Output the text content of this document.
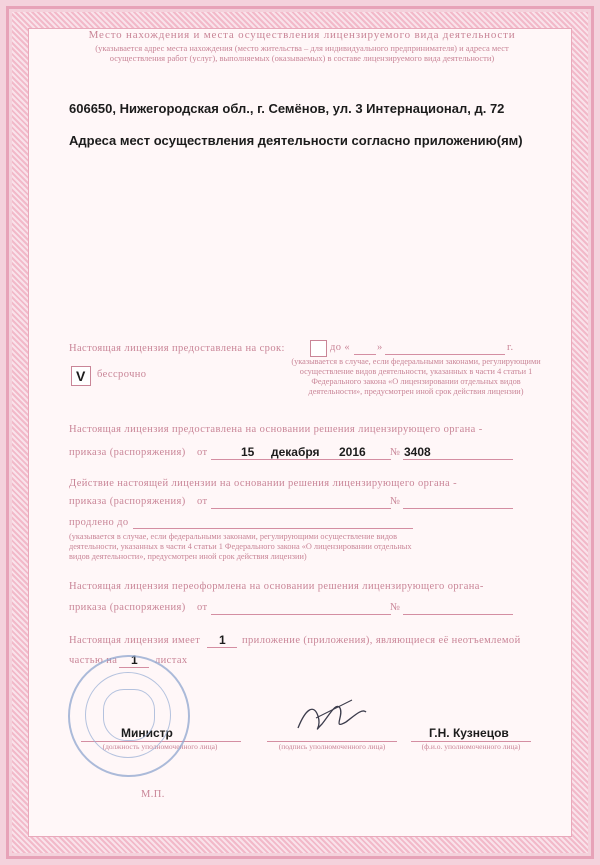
Место нахождения и места осуществления лицензируемого вида деятельности
(указывается адрес места нахождения (место жительства – для индивидуального предпринимателя) и адреса мест осуществления работ (услуг), выполняемых (оказываемых) в составе лицензируемого вида деятельности)
606650, Нижегородская обл., г. Семёнов, ул. 3 Интернационал, д. 72
Адреса мест осуществления деятельности согласно приложению(ям)
Настоящая лицензия предоставлена на срок:
V бессрочно
до «	»	г.
(указывается в случае, если федеральными законами, регулирующими осуществление видов деятельности, указанных в части 4 статьи 1 Федерального закона «О лицензировании отдельных видов деятельности», предусмотрен иной срок действия лицензии)
Настоящая лицензия предоставлена на основании решения лицензирующего органа -
приказа (распоряжения) от	15 декабря 2016 № 3408
Действие настоящей лицензии на основании решения лицензирующего органа -
приказа (распоряжения) от	№
продлено до
(указывается в случае, если федеральными законами, регулирующими осуществление видов деятельности, указанных в части 4 статьи 1 Федерального закона «О лицензировании отдельных видов деятельности», предусмотрен иной срок действия лицензии)
Настоящая лицензия переоформлена на основании решения лицензирующего органа-
приказа (распоряжения) от	№
Настоящая лицензия имеет 1 приложение (приложения), являющиеся её неотъемлемой
частью на 1 листах
Министр
(должность уполномоченного лица)	(подпись уполномоченного лица)
Г.Н. Кузнецов
(ф.и.о. уполномоченного лица)
М.П.
